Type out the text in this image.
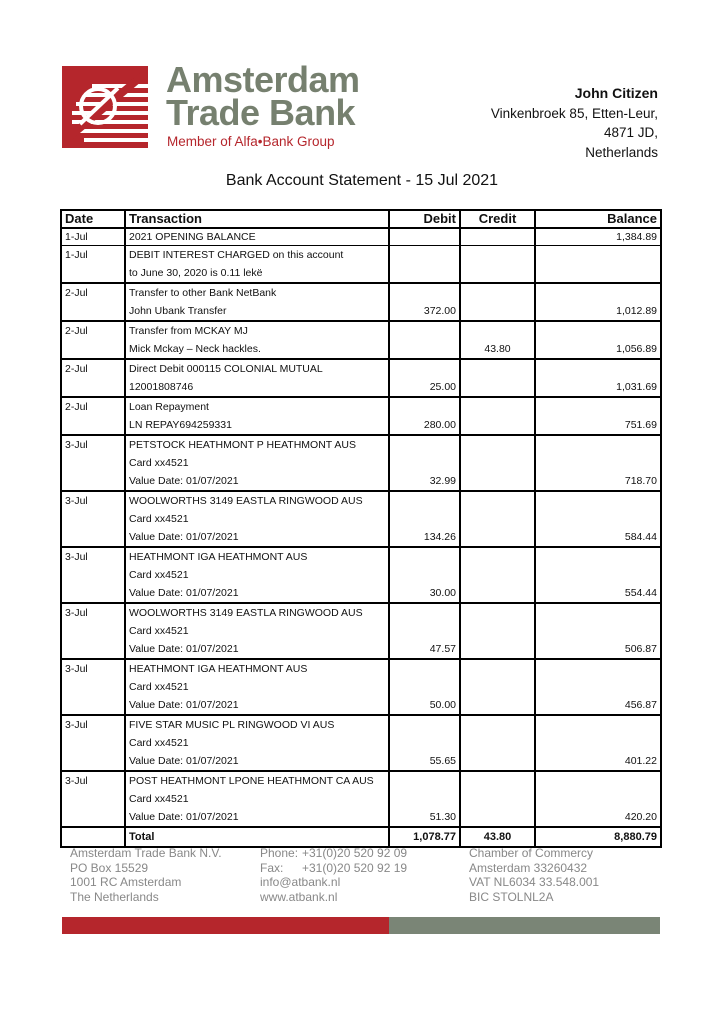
Amsterdam
Trade Bank
Member of Alfa•Bank Group
John Citizen
Vinkenbroek 85, Etten-Leur,
4871 JD,
Netherlands
Bank Account Statement - 15 Jul 2021
Date	Transaction	Debit	Credit	Balance

1-Jul	2021 OPENING BALANCE			1,384.89

1-Jul	DEBIT INTEREST CHARGED on this account
to June 30, 2020 is 0.11 lekë			

2-Jul	Transfer to other Bank NetBank
John Ubank Transfer	372.00		1,012.89

2-Jul	Transfer from MCKAY MJ
Mick Mckay – Neck hackles.		43.80	1,056.89

2-Jul	Direct Debit 000115 COLONIAL MUTUAL
12001808746	25.00		1,031.69

2-Jul	Loan Repayment
LN REPAY694259331	280.00		751.69

3-Jul	PETSTOCK HEATHMONT P HEATHMONT AUS
Card xx4521
Value Date: 01/07/2021	32.99		718.70

3-Jul	WOOLWORTHS 3149 EASTLA RINGWOOD AUS
Card xx4521
Value Date: 01/07/2021	134.26		584.44

3-Jul	HEATHMONT IGA HEATHMONT AUS
Card xx4521
Value Date: 01/07/2021	30.00		554.44

3-Jul	WOOLWORTHS 3149 EASTLA RINGWOOD AUS
Card xx4521
Value Date: 01/07/2021	47.57		506.87

3-Jul	HEATHMONT IGA HEATHMONT AUS
Card xx4521
Value Date: 01/07/2021	50.00		456.87

3-Jul	FIVE STAR MUSIC PL RINGWOOD VI AUS
Card xx4521
Value Date: 01/07/2021	55.65		401.22

3-Jul	POST HEATHMONT LPONE HEATHMONT CA AUS
Card xx4521
Value Date: 01/07/2021	51.30		420.20

	Total	1,078.77	43.80	8,880.79
Amsterdam Trade Bank N.V.
PO Box 15529
1001 RC Amsterdam
The Netherlands
Phone: +31(0)20 520 92 09
Fax: +31(0)20 520 92 19
info@atbank.nl
www.atbank.nl
Chamber of Commercy
Amsterdam 33260432
VAT NL6034 33.548.001
BIC STOLNL2A
